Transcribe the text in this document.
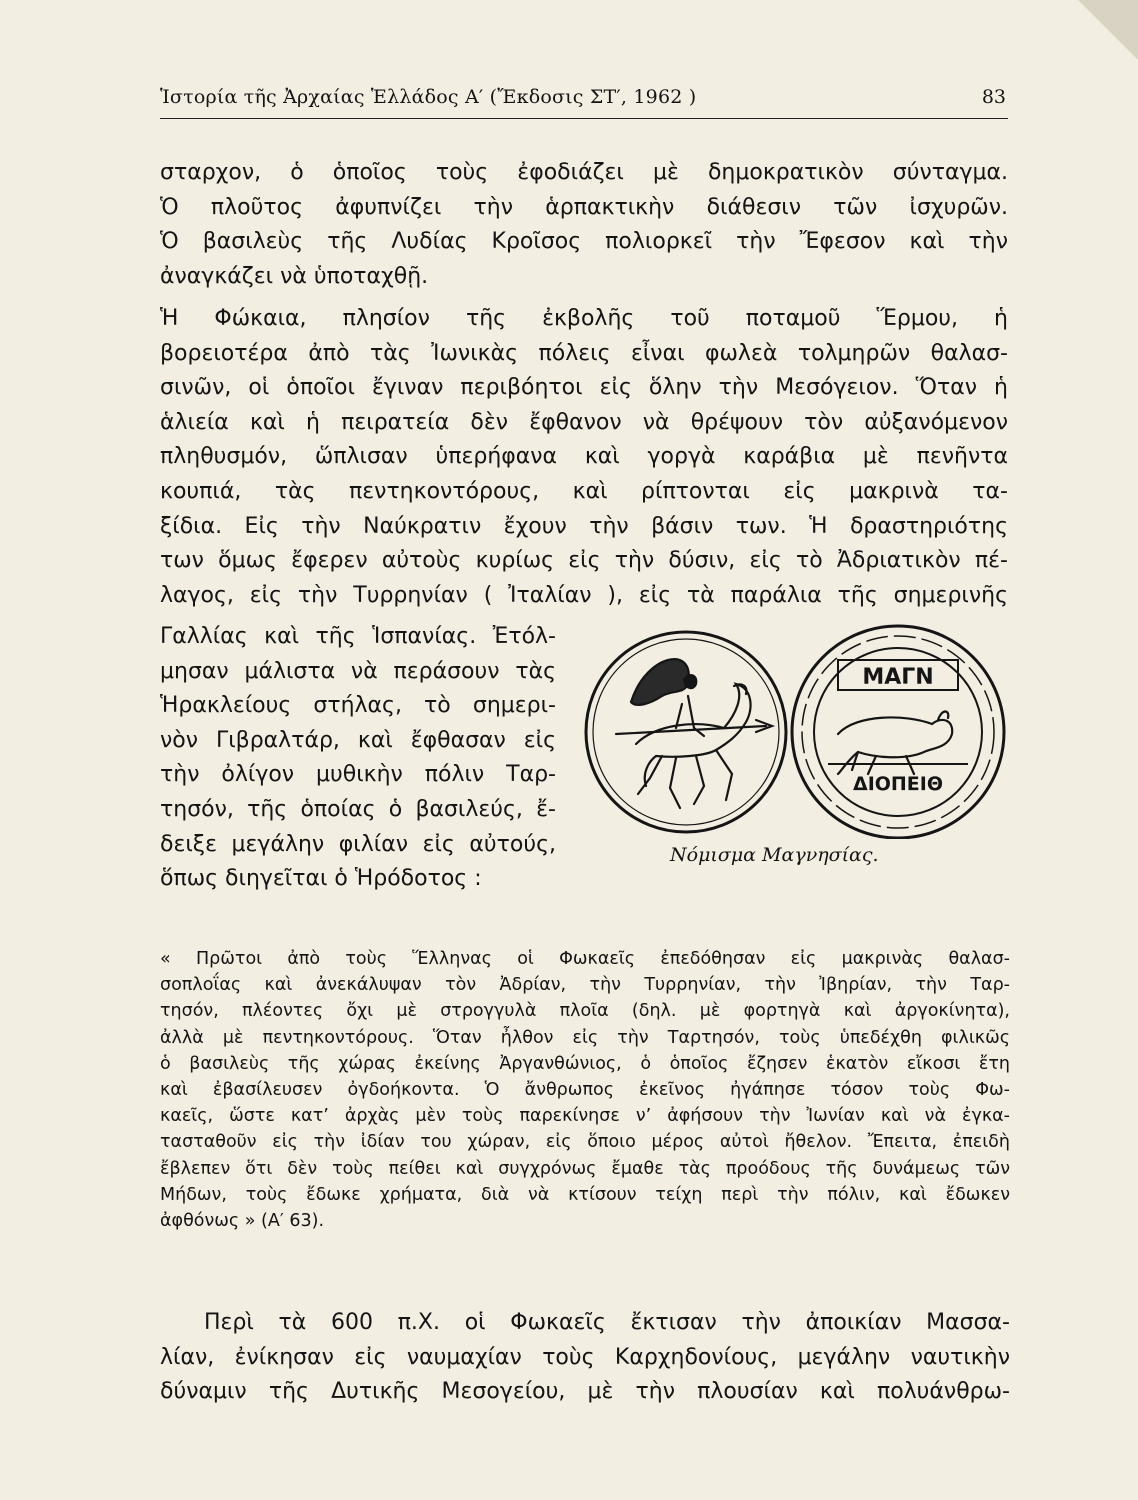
Ἱστορία τῆς Ἀρχαίας Ἑλλάδος Α′ (Ἔκδοσις ΣΤ′, 1962 )	83
σταρχον, ὁ ὁποῖος τοὺς ἐφοδιάζει μὲ δημοκρατικὸν σύνταγμα.
Ὁ πλοῦτος ἀφυπνίζει τὴν ἁρπακτικὴν διάθεσιν τῶν ἰσχυρῶν.
Ὁ βασιλεὺς τῆς Λυδίας Κροῖσος πολιορκεῖ τὴν Ἔφεσον καὶ τὴν
ἀναγκάζει νὰ ὑποταχθῇ.
Ἡ Φώκαια, πλησίον τῆς ἐκβολῆς τοῦ ποταμοῦ Ἕρμου, ἡ
βορειοτέρα ἀπὸ τὰς Ἰωνικὰς πόλεις εἶναι φωλεὰ τολμηρῶν θαλασ-
σινῶν, οἱ ὁποῖοι ἔγιναν περιβόητοι εἰς ὅλην τὴν Μεσόγειον. Ὅταν ἡ
ἁλιεία καὶ ἡ πειρατεία δὲν ἔφθανον νὰ θρέψουν τὸν αὐξανόμενον
πληθυσμόν, ὥπλισαν ὑπερήφανα καὶ γοργὰ καράβια μὲ πενῆντα
κουπιά, τὰς πεντηκοντόρους, καὶ ρίπτονται εἰς μακρινὰ τα-
ξίδια. Εἰς τὴν Ναύκρατιν ἔχουν τὴν βάσιν των. Ἡ δραστηριότης
των ὅμως ἔφερεν αὐτοὺς κυρίως εἰς τὴν δύσιν, εἰς τὸ Ἀδριατικὸν πέ-
λαγος, εἰς τὴν Τυρρηνίαν ( Ἰταλίαν ), εἰς τὰ παράλια τῆς σημερινῆς
Γαλλίας καὶ τῆς Ἱσπανίας. Ἐτόλ-
μησαν μάλιστα νὰ περάσουν τὰς
Ἡρακλείους στήλας, τὸ σημερι-
νὸν Γιβραλτάρ, καὶ ἔφθασαν εἰς
τὴν ὀλίγον μυθικὴν πόλιν Ταρ-
τησόν, τῆς ὁποίας ὁ βασιλεύς, ἔ-
δειξε μεγάλην φιλίαν εἰς αὐτούς,
ὅπως διηγεῖται ὁ Ἡρόδοτος :
ΜΑΓΝ
ΔΙΟΠΕΙΘ
Νόμισμα Μαγνησίας.
« Πρῶτοι ἀπὸ τοὺς Ἕλληνας οἱ Φωκαεῖς ἐπεδόθησαν εἰς μακρινὰς θαλασ-
σοπλοΐας καὶ ἀνεκάλυψαν τὸν Ἀδρίαν, τὴν Τυρρηνίαν, τὴν Ἰβηρίαν, τὴν Ταρ-
τησόν, πλέοντες ὄχι μὲ στρογγυλὰ πλοῖα (δηλ. μὲ φορτηγὰ καὶ ἀργοκίνητα),
ἀλλὰ μὲ πεντηκοντόρους. Ὅταν ἦλθον εἰς τὴν Ταρτησόν, τοὺς ὑπεδέχθη φιλικῶς
ὁ βασιλεὺς τῆς χώρας ἐκείνης Ἀργανθώνιος, ὁ ὁποῖος ἔζησεν ἑκατὸν εἴκοσι ἔτη
καὶ ἐβασίλευσεν ὀγδοήκοντα. Ὁ ἄνθρωπος ἐκεῖνος ἠγάπησε τόσον τοὺς Φω-
καεῖς, ὥστε κατ’ ἀρχὰς μὲν τοὺς παρεκίνησε ν’ ἀφήσουν τὴν Ἰωνίαν καὶ νὰ ἐγκα-
τασταθοῦν εἰς τὴν ἰδίαν του χώραν, εἰς ὅποιο μέρος αὐτοὶ ἤθελον. Ἔπειτα, ἐπειδὴ
ἔβλεπεν ὅτι δὲν τοὺς πείθει καὶ συγχρόνως ἔμαθε τὰς προόδους τῆς δυνάμεως τῶν
Μήδων, τοὺς ἔδωκε χρήματα, διὰ νὰ κτίσουν τείχη περὶ τὴν πόλιν, καὶ ἔδωκεν
ἀφθόνως » (Α′ 63).
Περὶ τὰ 600 π.Χ. οἱ Φωκαεῖς ἔκτισαν τὴν ἀποικίαν Μασσα-
λίαν, ἐνίκησαν εἰς ναυμαχίαν τοὺς Καρχηδονίους, μεγάλην ναυτικὴν
δύναμιν τῆς Δυτικῆς Μεσογείου, μὲ τὴν πλουσίαν καὶ πολυάνθρω-
